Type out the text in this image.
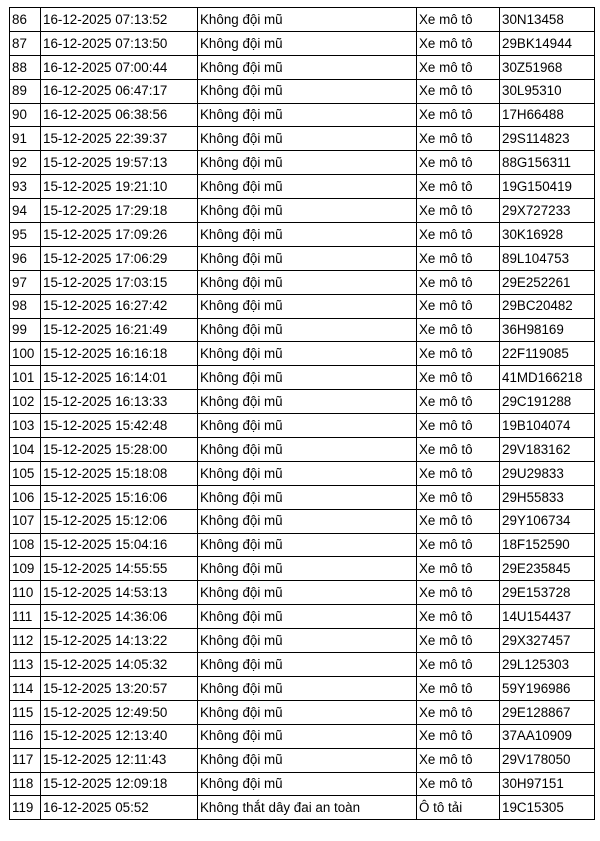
86	16-12-2025 07:13:52	Không đội mũ	Xe mô tô	30N13458
87	16-12-2025 07:13:50	Không đội mũ	Xe mô tô	29BK14944
88	16-12-2025 07:00:44	Không đội mũ	Xe mô tô	30Z51968
89	16-12-2025 06:47:17	Không đội mũ	Xe mô tô	30L95310
90	16-12-2025 06:38:56	Không đội mũ	Xe mô tô	17H66488
91	15-12-2025 22:39:37	Không đội mũ	Xe mô tô	29S114823
92	15-12-2025 19:57:13	Không đội mũ	Xe mô tô	88G156311
93	15-12-2025 19:21:10	Không đội mũ	Xe mô tô	19G150419
94	15-12-2025 17:29:18	Không đội mũ	Xe mô tô	29X727233
95	15-12-2025 17:09:26	Không đội mũ	Xe mô tô	30K16928
96	15-12-2025 17:06:29	Không đội mũ	Xe mô tô	89L104753
97	15-12-2025 17:03:15	Không đội mũ	Xe mô tô	29E252261
98	15-12-2025 16:27:42	Không đội mũ	Xe mô tô	29BC20482
99	15-12-2025 16:21:49	Không đội mũ	Xe mô tô	36H98169
100	15-12-2025 16:16:18	Không đội mũ	Xe mô tô	22F119085
101	15-12-2025 16:14:01	Không đội mũ	Xe mô tô	41MD166218
102	15-12-2025 16:13:33	Không đội mũ	Xe mô tô	29C191288
103	15-12-2025 15:42:48	Không đội mũ	Xe mô tô	19B104074
104	15-12-2025 15:28:00	Không đội mũ	Xe mô tô	29V183162
105	15-12-2025 15:18:08	Không đội mũ	Xe mô tô	29U29833
106	15-12-2025 15:16:06	Không đội mũ	Xe mô tô	29H55833
107	15-12-2025 15:12:06	Không đội mũ	Xe mô tô	29Y106734
108	15-12-2025 15:04:16	Không đội mũ	Xe mô tô	18F152590
109	15-12-2025 14:55:55	Không đội mũ	Xe mô tô	29E235845
110	15-12-2025 14:53:13	Không đội mũ	Xe mô tô	29E153728
111	15-12-2025 14:36:06	Không đội mũ	Xe mô tô	14U154437
112	15-12-2025 14:13:22	Không đội mũ	Xe mô tô	29X327457
113	15-12-2025 14:05:32	Không đội mũ	Xe mô tô	29L125303
114	15-12-2025 13:20:57	Không đội mũ	Xe mô tô	59Y196986
115	15-12-2025 12:49:50	Không đội mũ	Xe mô tô	29E128867
116	15-12-2025 12:13:40	Không đội mũ	Xe mô tô	37AA10909
117	15-12-2025 12:11:43	Không đội mũ	Xe mô tô	29V178050
118	15-12-2025 12:09:18	Không đội mũ	Xe mô tô	30H97151
119	16-12-2025 05:52	Không thắt dây đai an toàn	Ô tô tải	19C15305
